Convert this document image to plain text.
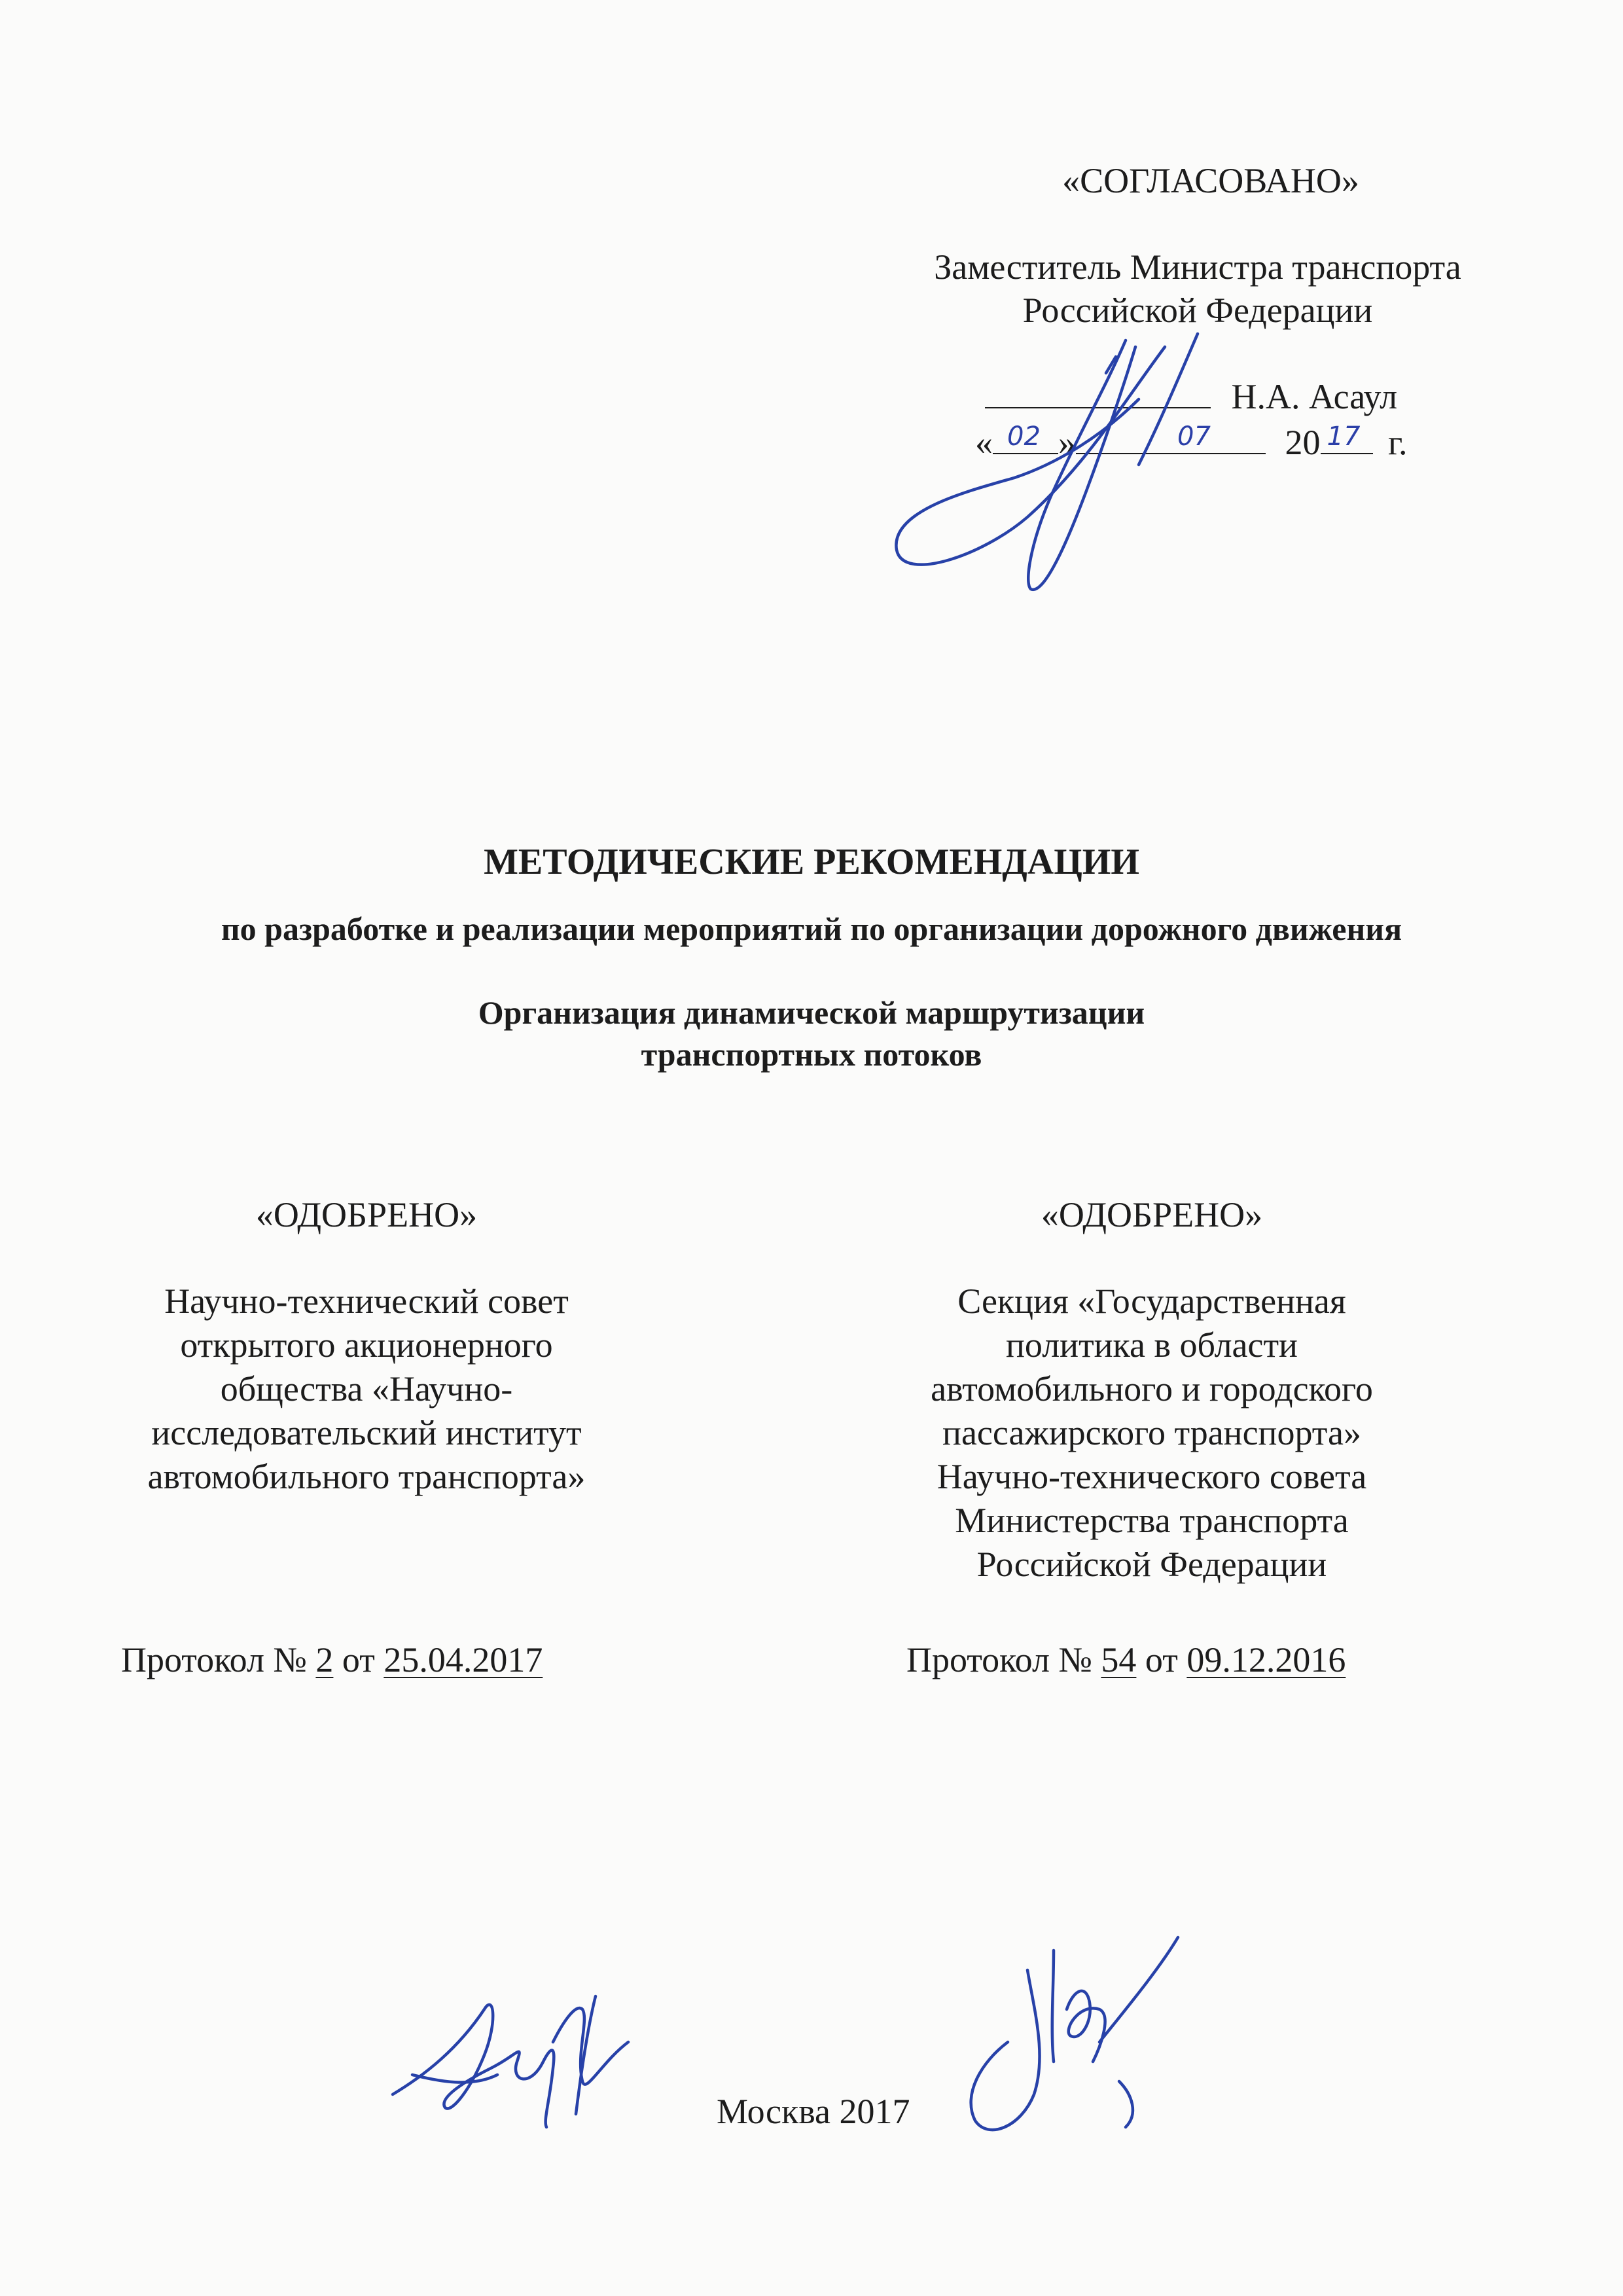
«СОГЛАСОВАНО»
Заместитель Министра транспорта
Российской Федерации
Н.А. Асаул
« 02 »	07 20 17 г.
МЕТОДИЧЕСКИЕ РЕКОМЕНДАЦИИ
по разработке и реализации мероприятий по организации дорожного движения
Организация динамической маршрутизации
транспортных потоков
«ОДОБРЕНО»
Научно-технический совет
открытого акционерного
общества «Научно-
исследовательский институт
автомобильного транспорта»
Протокол № 2 от 25.04.2017
«ОДОБРЕНО»
Секция «Государственная
политика в области
автомобильного и городского
пассажирского транспорта»
Научно-технического совета
Министерства транспорта
Российской Федерации
Протокол № 54 от 09.12.2016
Москва 2017
